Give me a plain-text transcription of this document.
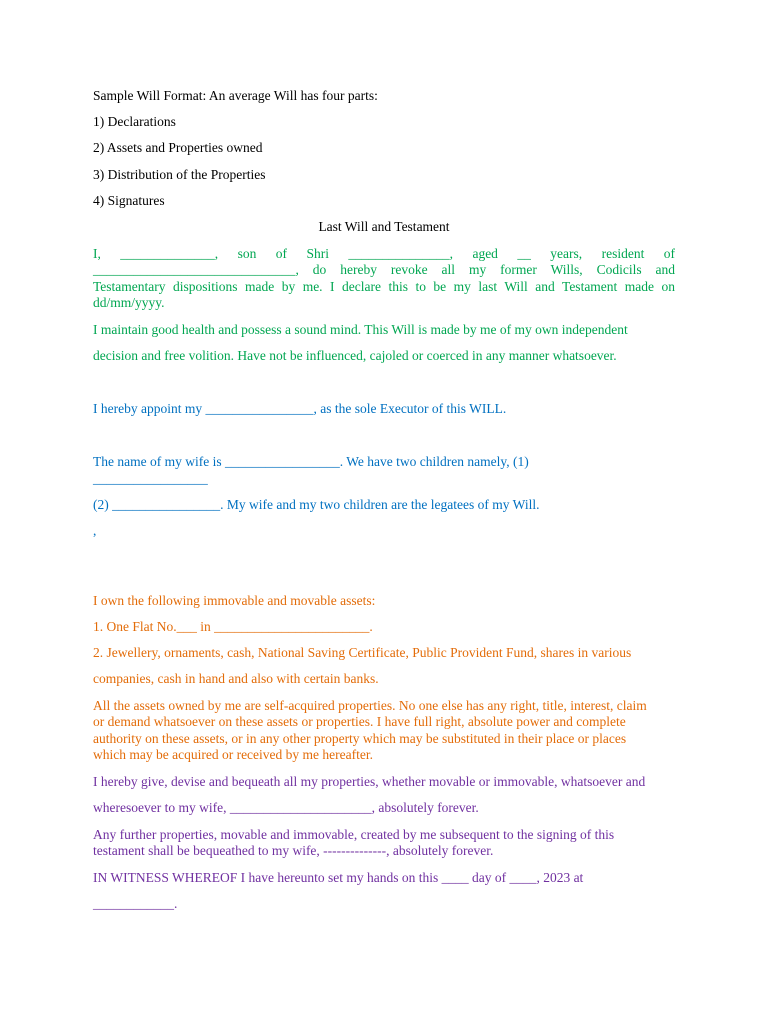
Sample Will Format: An average Will has four parts:

1) Declarations

2) Assets and Properties owned

3) Distribution of the Properties

4) Signatures

Last Will and Testament

I, ______________, son of Shri _______________, aged __ years, resident of

______________________________, do hereby revoke all my former Wills, Codicils and

Testamentary dispositions made by me. I declare this to be my last Will and Testament made on

dd/mm/yyyy.

I maintain good health and possess a sound mind. This Will is made by me of my own independent

decision and free volition. Have not be influenced, cajoled or coerced in any manner whatsoever.

I hereby appoint my ________________, as the sole Executor of this WILL.

The name of my wife is _________________. We have two children namely, (1)

_________________

(2) ________________. My wife and my two children are the legatees of my Will.

,

I own the following immovable and movable assets:

1. One Flat No.___ in _______________________.

2. Jewellery, ornaments, cash, National Saving Certificate, Public Provident Fund, shares in various

companies, cash in hand and also with certain banks.

All the assets owned by me are self-acquired properties. No one else has any right, title, interest, claim

or demand whatsoever on these assets or properties. I have full right, absolute power and complete

authority on these assets, or in any other property which may be substituted in their place or places

which may be acquired or received by me hereafter.

I hereby give, devise and bequeath all my properties, whether movable or immovable, whatsoever and

wheresoever to my wife, _____________________, absolutely forever.

Any further properties, movable and immovable, created by me subsequent to the signing of this

testament shall be bequeathed to my wife, --------------, absolutely forever.

IN WITNESS WHEREOF I have hereunto set my hands on this ____ day of ____, 2023 at

____________.
